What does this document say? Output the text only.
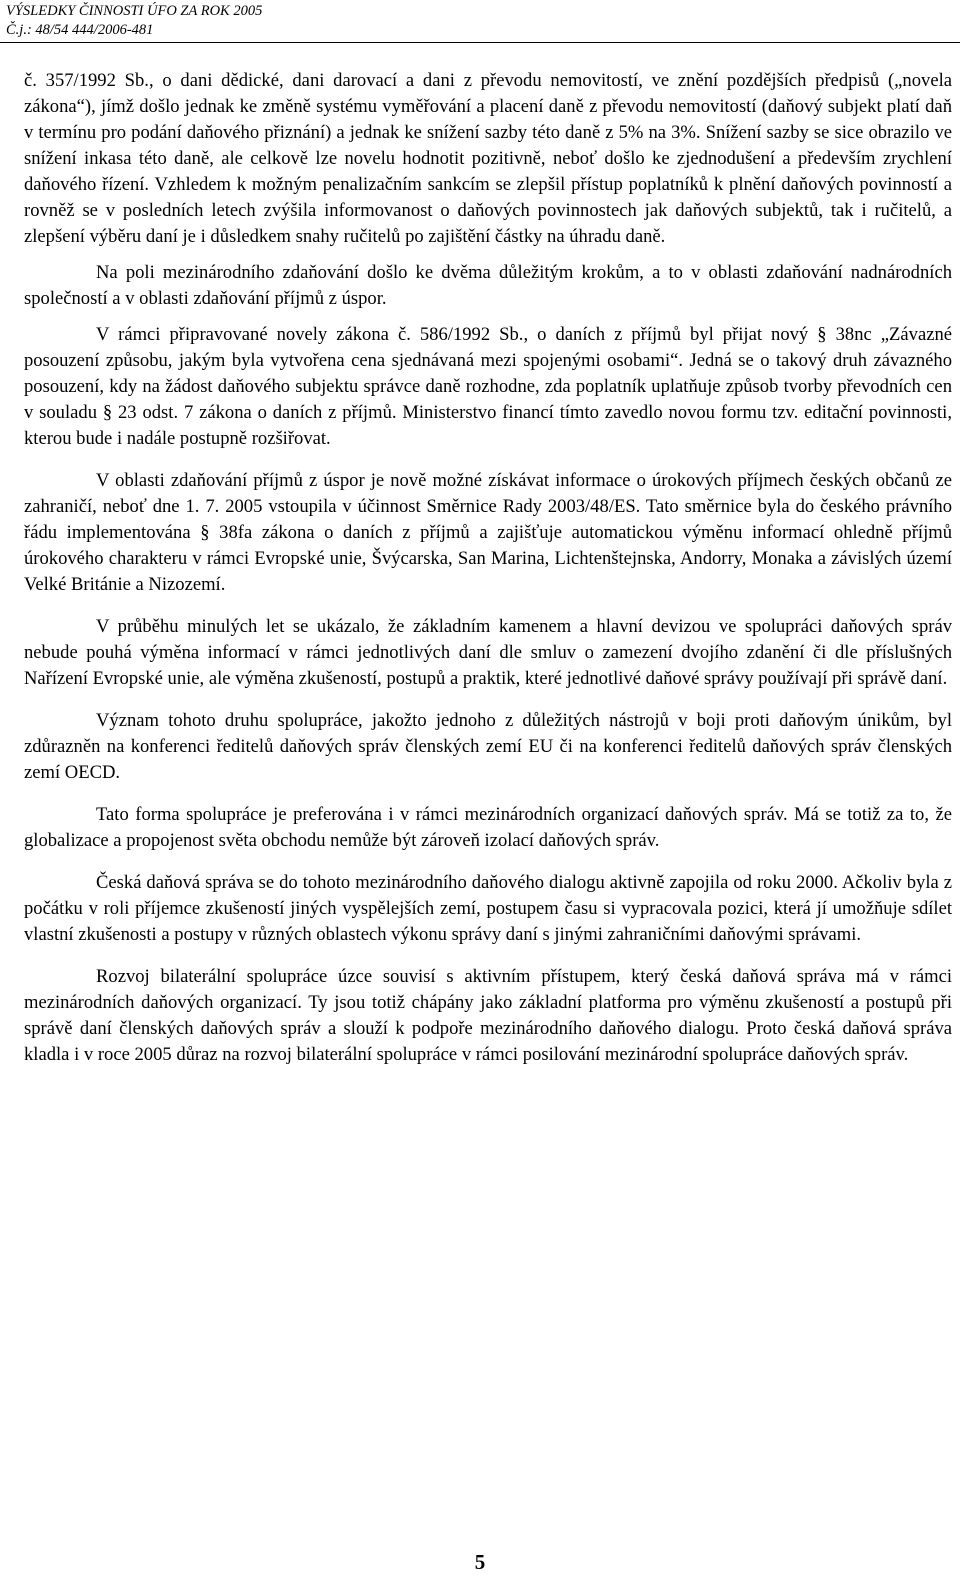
VÝSLEDKY ČINNOSTI ÚFO ZA ROK 2005
Č.j.: 48/54 444/2006-481

č. 357/1992 Sb., o dani dědické, dani darovací a dani z převodu nemovitostí, ve znění pozdějších předpisů („novela zákona“), jímž došlo jednak ke změně systému vyměřování a placení daně z převodu nemovitostí (daňový subjekt platí daň v termínu pro podání daňového přiznání) a jednak ke snížení sazby této daně z 5% na 3%. Snížení sazby se sice obrazilo ve snížení inkasa této daně, ale celkově lze novelu hodnotit pozitivně, neboť došlo ke zjednodušení a především zrychlení daňového řízení. Vzhledem k možným penalizačním sankcím se zlepšil přístup poplatníků k plnění daňových povinností a rovněž se v posledních letech zvýšila informovanost o daňových povinnostech jak daňových subjektů, tak i ručitelů, a zlepšení výběru daní je i důsledkem snahy ručitelů po zajištění částky na úhradu daně.

Na poli mezinárodního zdaňování došlo ke dvěma důležitým krokům, a to v oblasti zdaňování nadnárodních společností a v oblasti zdaňování příjmů z úspor.

V rámci připravované novely zákona č. 586/1992 Sb., o daních z příjmů byl přijat nový § 38nc „Závazné posouzení způsobu, jakým byla vytvořena cena sjednávaná mezi spojenými osobami“. Jedná se o takový druh závazného posouzení, kdy na žádost daňového subjektu správce daně rozhodne, zda poplatník uplatňuje způsob tvorby převodních cen v souladu § 23 odst. 7 zákona o daních z příjmů. Ministerstvo financí tímto zavedlo novou formu tzv. editační povinnosti, kterou bude i nadále postupně rozšiřovat.

V oblasti zdaňování příjmů z úspor je nově možné získávat informace o úrokových příjmech českých občanů ze zahraničí, neboť dne 1. 7. 2005 vstoupila v účinnost Směrnice Rady 2003/48/ES. Tato směrnice byla do českého právního řádu implementována § 38fa zákona o daních z příjmů a zajišťuje automatickou výměnu informací ohledně příjmů úrokového charakteru v rámci Evropské unie, Švýcarska, San Marina, Lichtenštejnska, Andorry, Monaka a závislých území Velké Británie a Nizozemí.

V průběhu minulých let se ukázalo, že základním kamenem a hlavní devizou ve spolupráci daňových správ nebude pouhá výměna informací v rámci jednotlivých daní dle smluv o zamezení dvojího zdanění či dle příslušných Nařízení Evropské unie, ale výměna zkušeností, postupů a praktik, které jednotlivé daňové správy používají při správě daní.

Význam tohoto druhu spolupráce, jakožto jednoho z důležitých nástrojů v boji proti daňovým únikům, byl zdůrazněn na konferenci ředitelů daňových správ členských zemí EU či na konferenci ředitelů daňových správ členských zemí OECD.

Tato forma spolupráce je preferována i v rámci mezinárodních organizací daňových správ. Má se totiž za to, že globalizace a propojenost světa obchodu nemůže být zároveň izolací daňových správ.

Česká daňová správa se do tohoto mezinárodního daňového dialogu aktivně zapojila od roku 2000. Ačkoliv byla z počátku v roli příjemce zkušeností jiných vyspělejších zemí, postupem času si vypracovala pozici, která jí umožňuje sdílet vlastní zkušenosti a postupy v různých oblastech výkonu správy daní s jinými zahraničními daňovými správami.

Rozvoj bilaterální spolupráce úzce souvisí s aktivním přístupem, který česká daňová správa má v rámci mezinárodních daňových organizací. Ty jsou totiž chápány jako základní platforma pro výměnu zkušeností a postupů při správě daní členských daňových správ a slouží k podpoře mezinárodního daňového dialogu. Proto česká daňová správa kladla i v roce 2005 důraz na rozvoj bilaterální spolupráce v rámci posilování mezinárodní spolupráce daňových správ.

5
